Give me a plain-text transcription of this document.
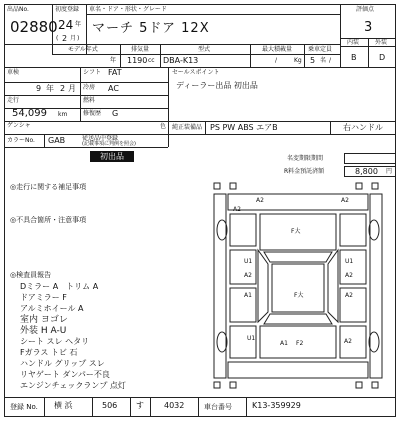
出品No.
02880
初度登録
24 年
( 2 月 )
車名・ドア・形状・グレード
マーチ 5ドア 12X
評価点
3
内装	外装
B	D
モデル年式
年
排気量
1190 cc
型式
DBA-K13
最大積載量
/	Kg
乗車定員
5 名 /
車検
9 年 2 月
走行
54,099 km
ゲンシャ
カラーNo. GAB
シフト FAT
冷房 AC
燃料
修復歴 G
色
セールスポイント
ディーラー出品 初出品
純正装備品 PS PW ABS エアB	右ハンドル
従送品中登録
(記載事項に判例を照会)
初出品	名変期限期間
R料金預託済額	8,800 円
◎走行に関する補足事項
◎不具合箇所・注意事項
◎検査員報告
Dミラー A　トリム A
ドアミラー F
アルミホイール A
室内 ヨゴレ
外装 H A-U
シート スレ ヘタリ
Fガラス トビ 石
ハンドル グリップ スレ
リヤゲート ダンパー不良
エンジンチェックランプ 点灯
A2	A2
A2
F大
U1	U1
A2	A2
A1	A2
F大
U1
A1 F2	A2
登録 No. 横 浜	506 す	4032	車台番号	K13-359929
